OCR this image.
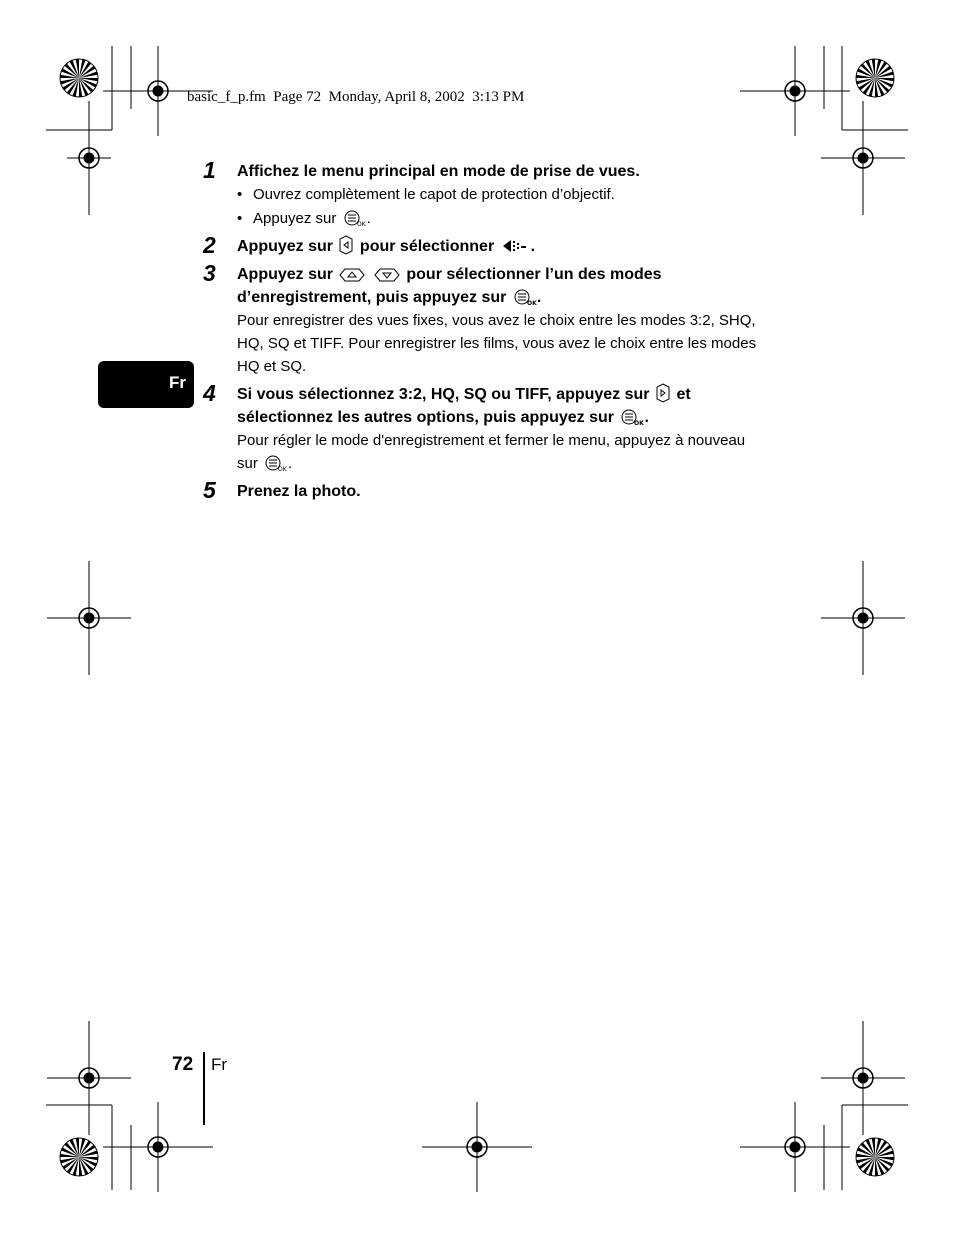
basic_f_p.fm  Page 72  Monday, April 8, 2002  3:13 PM
Fr
1 Affichez le menu principal en mode de prise de vues.
• Ouvrez complètement le capot de protection d’objectif.
• Appuyez sur	OK .
2 Appuyez sur pour sélectionner .
3 Appuyez sur	pour sélectionner l’un des modes
d’enregistrement, puis appuyez sur	OK .
Pour enregistrer des vues fixes, vous avez le choix entre les modes 3:2, SHQ, HQ, SQ et TIFF. Pour enregistrer les films, vous avez le choix entre les modes HQ et SQ.
4 Si vous sélectionnez 3:2, HQ, SQ ou TIFF, appuyez sur et
sélectionnez les autres options, puis appuyez sur	OK .
Pour régler le mode d'enregistrement et fermer le menu, appuyez à nouveau sur	OK .
5 Prenez la photo.
72 Fr
